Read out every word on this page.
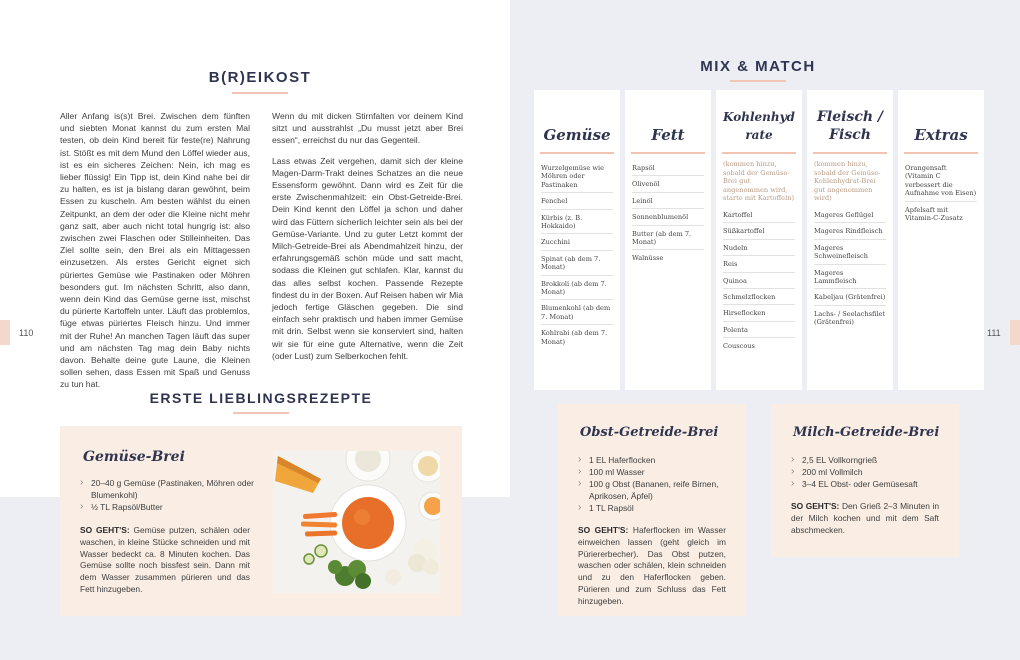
110	111
B(R)EIKOST

Aller Anfang is(s)t Brei. Zwischen dem fünften und siebten Monat kannst du zum ersten Mal testen, ob dein Kind bereit für feste(re) Nahrung ist. Stößt es mit dem Mund den Löffel wieder aus, ist es ein sicheres Zeichen: Nein, ich mag es lieber flüssig! Ein Tipp ist, dein Kind nahe bei dir zu halten, es ist ja bislang daran gewöhnt, beim Essen zu kuscheln. Am besten wählst du einen Zeitpunkt, an dem der oder die Kleine nicht mehr ganz satt, aber auch nicht total hungrig ist: also zwischen zwei Flaschen oder Stilleinheiten. Das Ziel sollte sein, den Brei als ein Mittagessen einzusetzen. Als erstes Gericht eignet sich püriertes Gemüse wie Pastinaken oder Möhren besonders gut. Im nächsten Schritt, also dann, wenn dein Kind das Gemüse gerne isst, mischst du pürierte Kartoffeln unter. Läuft das problemlos, füge etwas püriertes Fleisch hinzu. Und immer mit der Ruhe! An manchen Tagen läuft das super und am nächsten Tag mag dein Baby nichts davon. Behalte deine gute Laune, die Kleinen sollen sehen, dass Essen mit Spaß und Genuss zu tun hat.

Wenn du mit dicken Stirnfalten vor deinem Kind sitzt und ausstrahlst „Du musst jetzt aber Brei essen“, erreichst du nur das Gegenteil.

Lass etwas Zeit vergehen, damit sich der kleine Magen-Darm-Trakt deines Schatzes an die neue Essensform gewöhnt. Dann wird es Zeit für die erste Zwischenmahlzeit: ein Obst-Getreide-Brei. Dein Kind kennt den Löffel ja schon und daher wird das Füttern sicherlich leichter sein als bei der Gemüse-Variante. Und zu guter Letzt kommt der Milch-Getreide-Brei als Abendmahlzeit hinzu, der erfahrungsgemäß schön müde und satt macht, sodass die Kleinen gut schlafen. Klar, kannst du das alles selbst kochen. Passende Rezepte findest du in der Boxen. Auf Reisen haben wir Mia jedoch fertige Gläschen gegeben. Die sind einfach sehr praktisch und haben immer Gemüse mit drin. Selbst wenn sie konserviert sind, halten wir sie für eine gute Alternative, wenn die Zeit (oder Lust) zum Selberkochen fehlt.

MIX & MATCH
Gemüse
Wurzelgemüse wie Möhren oder Pastinaken
Fenchel
Kürbis (z. B. Hokkaido)
Zucchini
Spinat (ab dem 7. Monat)
Brokkoli (ab dem 7. Monat)
Blumenkohl (ab dem 7. Monat)
Kohlrabi (ab dem 7. Monat)
Fett
Rapsöl
Olivenöl
Leinöl
Sonnenblumenöl
Butter (ab dem 7. Monat)
Walnüsse
Kohlenhydrate
(kommen hinzu, sobald der Gemüse-Brei gut angenommen wird, starte mit Kartoffeln)
Kartoffel
Süßkartoffel
Nudeln
Reis
Quinoa
Schmelzflocken
Hirseflocken
Polenta
Couscous
Fleisch / Fisch
(kommen hinzu, sobald der Gemüse-Kohlenhydrat-Brei gut angenommen wird)
Mageres Geflügel
Mageres Rindfleisch
Mageres Schweinefleisch
Mageres Lammfleisch
Kabeljau (Grätenfrei)
Lachs- / Seelachsfilet (Grätenfrei)
Extras
Orangensaft (Vitamin C verbessert die Aufnahme von Eisen)
Apfelsaft mit Vitamin-C-Zusatz
ERSTE LIEBLINGSREZEPTE
Gemüse-Brei
› 20–40 g Gemüse (Pastinaken, Möhren oder Blumenkohl)
› ½ TL Rapsöl/Butter
SO GEHT'S: Gemüse putzen, schälen oder waschen, in kleine Stücke schneiden und mit Wasser bedeckt ca. 8 Minuten kochen. Das Gemüse sollte noch bissfest sein. Dann mit dem Wasser zusammen pürieren und das Fett hinzugeben.
Obst-Getreide-Brei
› 1 EL Haferflocken
› 100 ml Wasser
› 100 g Obst (Bananen, reife Birnen, Aprikosen, Äpfel)
› 1 TL Rapsöl
SO GEHT'S: Haferflocken im Wasser einweichen lassen (geht gleich im Püriererbecher). Das Obst putzen, waschen oder schälen, klein schneiden und zu den Haferflocken geben. Pürieren und zum Schluss das Fett hinzugeben.
Milch-Getreide-Brei
› 2,5 EL Vollkorngrieß
› 200 ml Vollmilch
› 3–4 EL Obst- oder Gemüsesaft
SO GEHT'S: Den Grieß 2–3 Minuten in der Milch kochen und mit dem Saft abschmecken.
